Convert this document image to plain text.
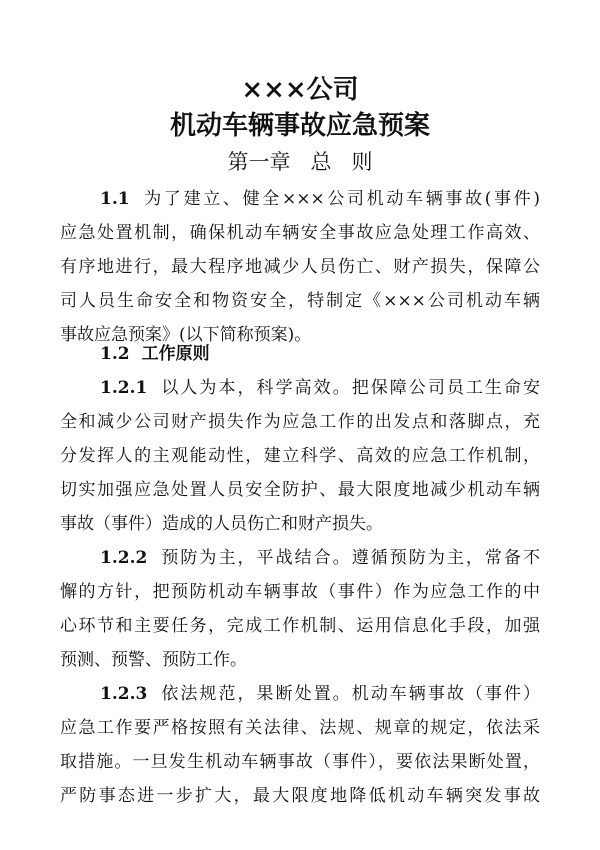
×××公司
机动车辆事故应急预案
第一章 总 则
1.1 为了建立、健全×××公司机动车辆事故(事件)
应急处置机制，确保机动车辆安全事故应急处理工作高效、
有序地进行，最大程序地减少人员伤亡、财产损失，保障公
司人员生命安全和物资安全，特制定《×××公司机动车辆
事故应急预案》(以下简称预案)。
1.2 工作原则
1.2.1 以人为本，科学高效。把保障公司员工生命安
全和减少公司财产损失作为应急工作的出发点和落脚点，充
分发挥人的主观能动性，建立科学、高效的应急工作机制，
切实加强应急处置人员安全防护、最大限度地减少机动车辆
事故（事件）造成的人员伤亡和财产损失。
1.2.2 预防为主，平战结合。遵循预防为主，常备不
懈的方针，把预防机动车辆事故（事件）作为应急工作的中
心环节和主要任务，完成工作机制、运用信息化手段，加强
预测、预警、预防工作。
1.2.3 依法规范，果断处置。机动车辆事故（事件）
应急工作要严格按照有关法律、法规、规章的规定，依法采
取措施。一旦发生机动车辆事故（事件），要依法果断处置，
严防事态进一步扩大，最大限度地降低机动车辆突发事故
